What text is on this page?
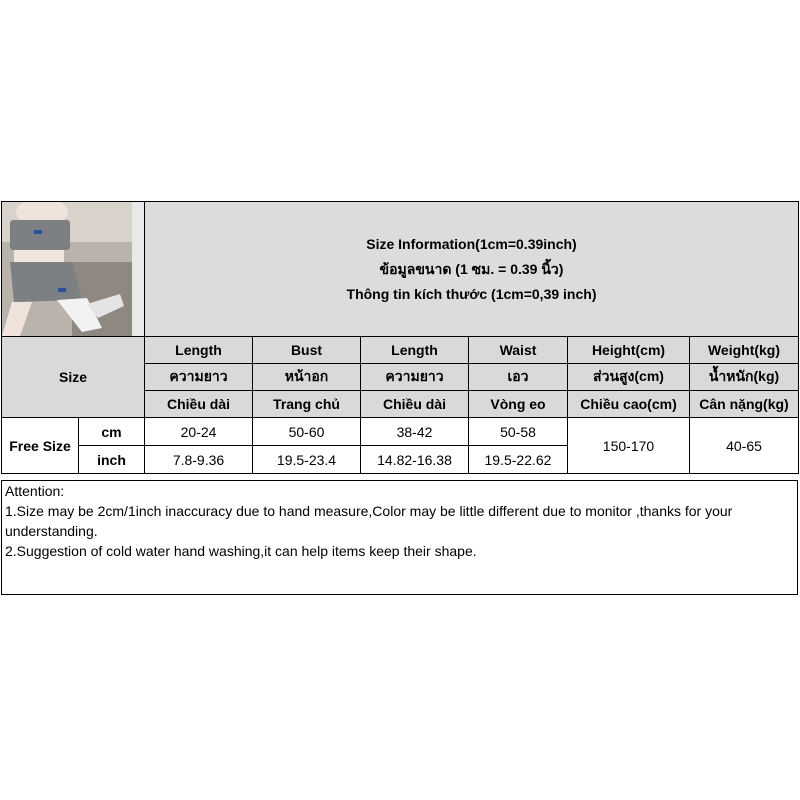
Size Information(1cm=0.39inch)
ข้อมูลขนาด (1 ซม. = 0.39 นิ้ว)
Thông tin kích thước (1cm=0,39 inch)					

Size		Length	Bust	Length	Waist	Height(cm)	Weight(kg)
		ความยาว	หน้าอก	ความยาว	เอว	ส่วนสูง(cm)	น้ำหนัก(kg)
		Chiều dài	Trang chủ	Chiều dài	Vòng eo	Chiều cao(cm)	Cân nặng(kg)
Free Size	cm	20-24	50-60	38-42	50-58	150-170	40-65
	inch	7.8-9.36	19.5-23.4	14.82-16.38	19.5-22.62		
Attention:
1.Size may be 2cm/1inch inaccuracy due to hand measure,Color may be little different due to monitor ,thanks for your understanding.
2.Suggestion of cold water hand washing,it can help items keep their shape.
